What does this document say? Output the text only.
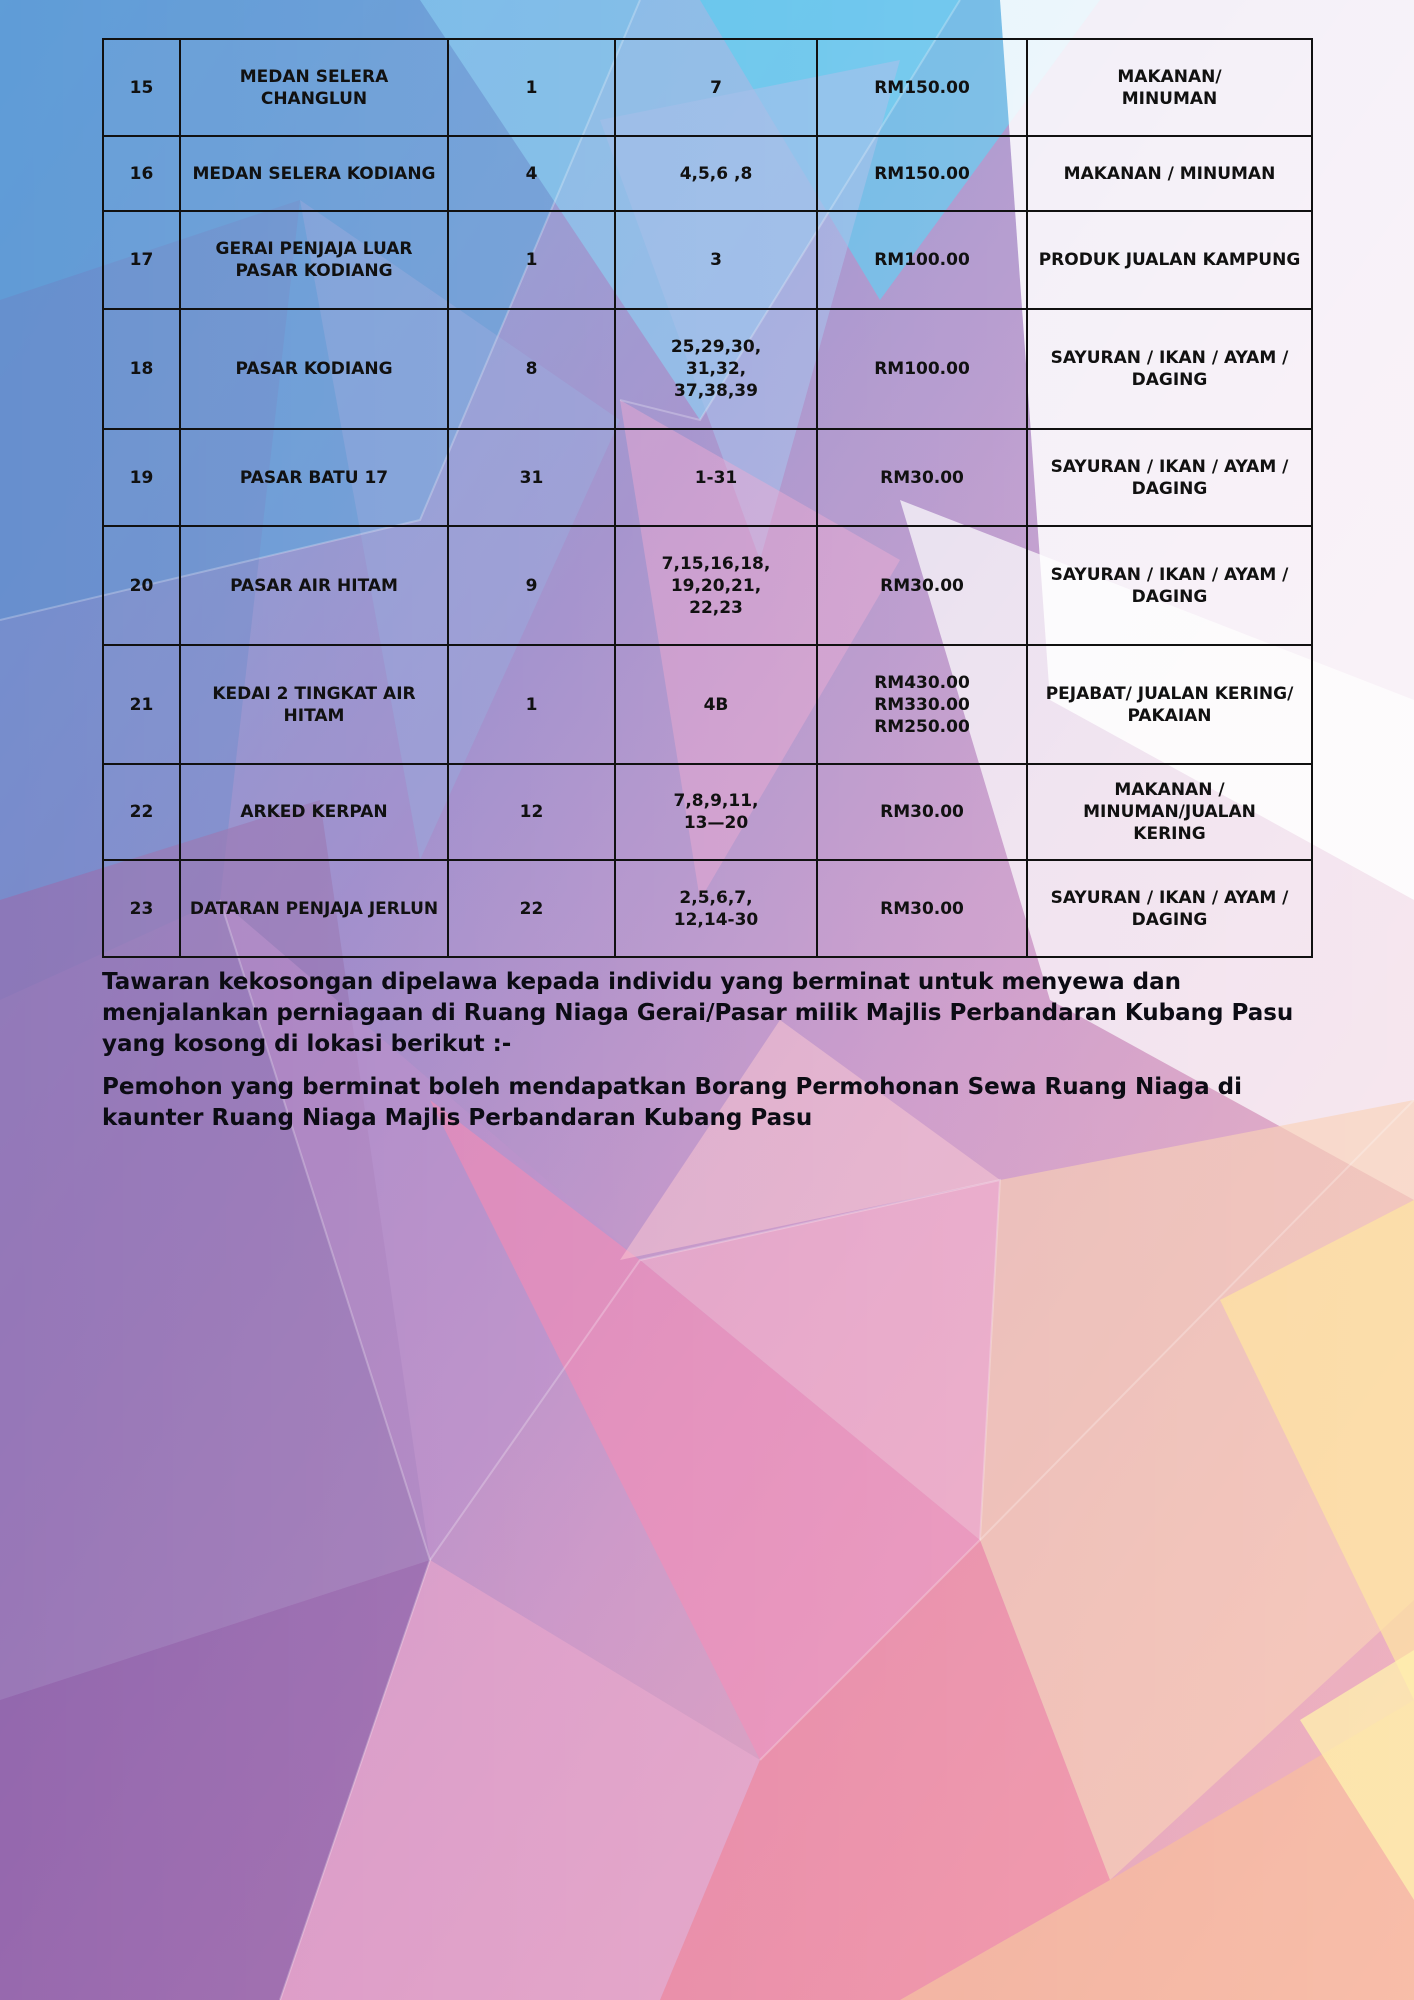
15	MEDAN SELERA CHANGLUN	1	7	RM150.00	MAKANAN/
MINUMAN
16	MEDAN SELERA KODIANG	4	4,5,6 ,8	RM150.00	MAKANAN / MINUMAN
17	GERAI PENJAJA LUAR
PASAR KODIANG	1	3	RM100.00	PRODUK JUALAN KAMPUNG
18	PASAR KODIANG	8	25,29,30,
31,32,
37,38,39	RM100.00	SAYURAN / IKAN / AYAM /
DAGING
19	PASAR BATU 17	31	1-31	RM30.00	SAYURAN / IKAN / AYAM /
DAGING
20	PASAR AIR HITAM	9	7,15,16,18,
19,20,21,
22,23	RM30.00	SAYURAN / IKAN / AYAM /
DAGING
21	KEDAI 2 TINGKAT AIR
HITAM	1	4B	RM430.00
RM330.00
RM250.00	PEJABAT/ JUALAN KERING/
PAKAIAN
22	ARKED KERPAN	12	7,8,9,11,
13—20	RM30.00	MAKANAN / MINUMAN/JUALAN
KERING
23	DATARAN PENJAJA JERLUN	22	2,5,6,7,
12,14-30	RM30.00	SAYURAN / IKAN / AYAM /
DAGING

Tawaran kekosongan dipelawa kepada individu yang berminat untuk menyewa dan menjalankan perniagaan di Ruang Niaga Gerai/Pasar milik Majlis Perbandaran Kubang Pasu yang kosong di lokasi berikut :-

Pemohon yang berminat boleh mendapatkan Borang Permohonan Sewa Ruang Niaga di kaunter Ruang Niaga Majlis Perbandaran Kubang Pasu
